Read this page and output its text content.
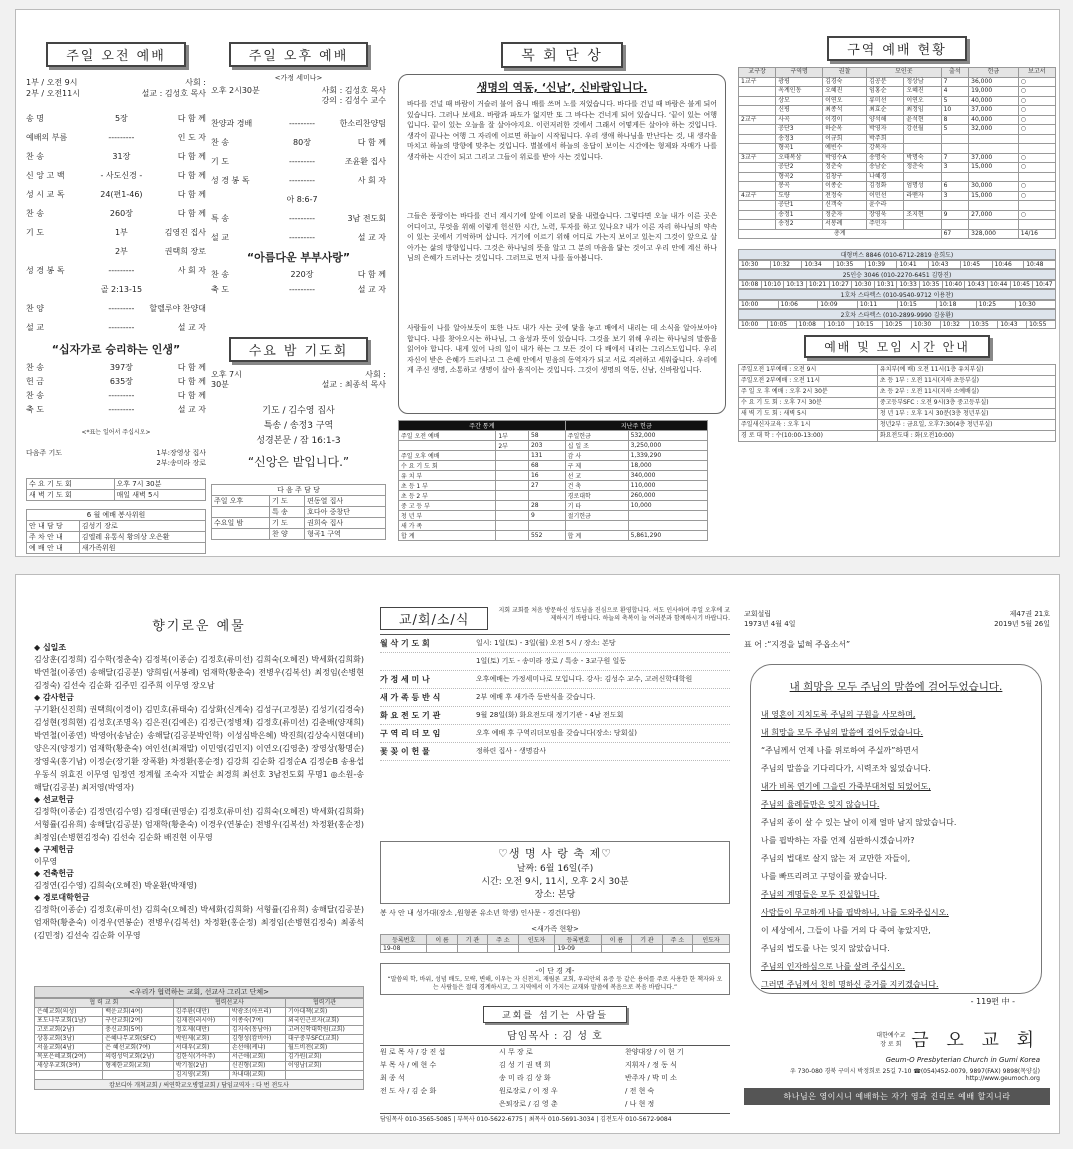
주일 오전 예배
1부 / 오전 9시	사회 :
2부 / 오전11시	설교 : 김성호 목사
송 명	5장	다 함 께
예배의 부름	---------	인 도 자
찬 송	31장	다 함 께
신 앙 고 백	- 사도신경 -	다 함 께
성 시 교 독	24(편1-46)	다 함 께
찬 송	260장	다 함 께
기 도	1부	김영진 집사
2부	권택희 장로
성 경 봉 독	---------	사 회 자
골 2:13-15
찬 양	---------	할렐루야 찬양대
설 교	---------	설 교 자
“십자가로 승리하는 인생”
찬 송	397장	다 함 께
헌 금	635장	다 함 께
찬 송	---------	다 함 께
축 도	---------	설 교 자
<*표는 일어서 주십시오>
다음주 기도	1부:장영상 집사
2부:송미라 장로
수 요 기 도 회	오후 7시 30분
새 벽 기 도 회	매일 새벽 5시
6 월 예배 봉사위원
안 내 담 당	김성기 장로
주 차 안 내	김엘레 유통식 황의상 오은환
예 배 안 내	새가족위원
주일 오후 예배
<가정 세미나>
오후 2시30분	사회 : 김성호 목사
강의 : 김성수 교수
찬양과 경배	---------	한소리찬양팀
찬 송	80장	다 함 께
기 도	---------	조윤환 집사
성 경 봉 독	---------	사 회 자
아 8:6-7
특 송	---------	3남 전도회
설 교	---------	설 교 자
“아름다운 부부사랑”
찬 송	220장	다 함 께
축 도	---------	설 교 자
수요 밤 기도회
오후 7시	사회 :
30분	설교 : 최종석 목사
기도 / 김수영 집사
특송 / 송정3 구역
성경본문 / 잠 16:1-3
“신앙은 밭입니다.”
다 음 주 담 당
주일 오후	기 도	편동열 집사
	특 송	호다아 중창단
수요일 밤	기 도	권희숙 집사
	찬 양	형곡1 구역
목 회 단 상
생명의 역동, ‘신남’, 신바람입니다.

바다를 건널 때 바람이 거슬러 불어 옵니 배를 쓰며 노를 저었습니다. 바다를 건널 때 바람은 불게 되어 있습니다. 그러나 보세요. 바람과 파도가 없지만 또 그 바다는 건너게 되어 있습니다. ‘끝이 있는 여행입니다. 끝이 있는 오늘을 잘 살아야지요. 이런저러한 것에서 그래서 어떻게든 살아야 하는 것입니다. 생각이 끝나는 여행 그 자리에 이르면 하늘이 시작됩니다. 우리 생애 하나님을 만난다는 것, 내 생각을 마치고 하늘의 방향에 맞추는 것입니다. 별볼에서 하늘의 응답이 보이는 시간에는 형제와 자매가 나를 생각하는 시간이 되고 그리고 그들이 위로를 받아 사는 것입니다.

그들은 풍랑이는 바다를 건너 계시기에 앞에 이르러 닻을 내렸습니다. 그렇다면 오늘 내가 이른 곳은 어디이고, 무엇을 위해 이렇게 헌신한 시간, 노력, 투자를 하고 있나요? 내가 이른 자리 하나님의 약속이 있는 곳에서 기억하며 삽니다. 거기에 이르기 위해 어디로 가는지 보이고 있는지 그것이 앞으로 살아가는 삶의 방향입니다. 그것은 하나님의 뜻을 알고 그 분의 마음을 닮는 것이고 우리 안에 계신 하나님의 은혜가 드러나는 것입니다. 그러므로 먼저 나를 돌아봅니다.

사람들이 나를 알아보듯이 또한 나도 내가 사는 곳에 닻을 놓고 배에서 내리는 데 소식을 알아보아야 합니다. 나를 찾아오시는 하나님, 그 음성과 뜻이 있습니다. 그것을 보기 위해 우리는 하나님의 말씀을 읽어야 합니다. 내게 있어 나의 일이 내가 하는 그 모든 것이 다 배에서 내리는 그리스도입니다. 우리 자신이 받은 은혜가 드러나고 그 은혜 안에서 믿음의 동역자가 되고 서로 격려하고 세워줍니다. 우리에게 주신 생명, 소통하고 생명이 살아 움직이는 것입니다. 그것이 생명의 역동, 신남, 신바람입니다.

주간 통계			지난주 헌금	
주일 오전 예배	1부	58	주일헌금	532,000
	2부	203	십 일 조	3,250,000
주일 오후 예배		131	감 사	1,339,290
수 요 기 도 회		68	구 제	18,000
유 치 부		16	선 교	340,000
초 등 1 부		27	건 축	110,000
초 등 2 부			경로대학	260,000
중 고 등 부		28	기 타	10,000
청 년 부		9	절기헌금	
새 가 족				
합 계		552	합 계	5,861,290
구역 예배 현황
교구장	구역명	권찰	모인곳		출석	헌금	보고서
1교구	광평	김경숙	김공분	정상남	7	36,000	○
	옥계인동	오혜진	임홍순	오혜진	4	19,000	○
	상모	이연오	류미선	이연오	5	40,000	○
	신평	최종석	최효순	최정임	10	37,000	○
2교구	사곡	이경이	양석해	윤석현	8	40,000	○
	공단3	하순옥	박영자	강선월	5	32,000	○
	송정3	이규희	박주희				
	형곡1	예빈수	강복자				
3교구	오태복삼	박영수A	송명숙	박명숙	7	37,000	○
	공단2	정춘숙	송남순	정춘숙	3	15,000	○
	형곡2	김창구	나혜경				
	봉곡	이종순	김정화	엄명성	6	30,000	○
4교구	도량	전정숙	이민선	라맨자	3	15,000	○
	공단1	신객숙	윤수라				
	송정1	정춘자	장영욱	조지현	9	27,000	○
	송정2	서봉례	주민자				
총계					67	328,000	14/16
대형버스 8846 (010-6712-2819 윤희도)
10:30	10:32	10:34	10:35	10:39	10:41	10:43	10:45	10:46	10:48
25인승 3046 (010-2270-6451 김항진)
10:08	10:10	10:13	10:21	10:27	10:30	10:31	10:33	10:35	10:40	10:43	10:44	10:45	10:47
1호차 스타렉스 (010-9540-9712 이용찬)
10:00	10:06	10:09	10:11	10:15	10:18	10:25	10:30
2호차 스타렉스 (010-2899-9990 김웅환)
10:00	10:05	10:08	10:10	10:15	10:25	10:30	10:32	10:35	10:43	10:55
예배 및 모임 시간 안내
주일오전 1부예배 : 오전 9시	유치부(예 배) 오전 11시(1층 유치부실)
주일오전 2부예배 : 오전 11시	초 등 1부 : 오전 11시(지하 초등부실)
주 일 오 후 예배 : 오후 2시 30분	초 등 2부 : 오전 11시(지하 소예배실)
수 요 기 도 회 : 오후 7시 30분	중고등부SFC : 오전 9시(3층 중고등부실)
새 벽 기 도 회 : 새벽 5시	청 년 1부 : 오후 1시 30분(3층 청년부실)
주일새신자교육 : 오후 1시	청년2부 : 금요일, 오후7:30(4층 청년부실)
경 로 대 학 : 수(10:00-13:00)	화요전도대 : 화(오전10:00)
향기로운 예물
◆ 십일조
김상훈(김정희) 김수학(정춘숙) 김정복(이종순) 김정호(류미선) 김희숙(오혜진) 박세화(김희화) 박연철(이종연) 송해달(김공분) 양희림(서봉례) 엄재학(황춘숙) 전병우(김복선) 최정임(손병현김정숙) 김선숙 김순화 김주민 김주희 이무영 장오남
◆ 감사헌금
구기환(신진희) 권택희(이경이) 김민호(류태숙) 김상화(신계숙) 김성구(고정분) 김성기(김경숙) 김성현(정희현) 김성호(조명옥) 김은진(김예은) 김정근(정병채) 김정호(류미선) 김춘배(양재희) 박연철(이종연) 박영아(송남순) 송해달(김공분박인학) 이성심박은혜) 박진희(김상숙시현대비) 양은지(양정기) 엄재학(황춘숙) 여인선(최재말) 이민영(김민지) 이연오(김영춘) 장영상(황명순) 장영욱(홍기남) 이정순(장기환 장폭환) 차정환(홍순정) 김강희 김순화 김정순A 김정순B 송용섭 우동식 위효진 이무영 임정연 정계월 조숙자 지말순 최경희 최선호 3남전도회 무명1 ◎소원-송해달(김공분) 최저영(박영자)
◆ 선교헌금
김정학(이종순) 김정연(김수영) 김정태(권영순) 김정호(류미선) 김희숙(오혜진) 박세화(김희화) 서형률(김유희) 송해달(김공분) 엄재학(황춘숙) 이경우(연봉순) 전병우(김복선) 차정환(홍순정) 최정임(손병현김정숙) 김선숙 김순화 배진현 이무영
◆ 구제헌금
이무영
◆ 건축헌금
김정연(김수영) 김희숙(오혜진) 박윤환(박재영)
◆ 경로대학헌금
김정학(이종순) 김정호(류미선) 김희숙(오혜진) 박세화(김희화) 서형률(김유희) 송해달(김공분) 엄재학(황춘숙) 이경우(연봉순) 전병우(김복선) 차정환(홍순정) 최정임(손병현김정숙) 최종석(김민정) 김선숙 김순화 이무영
<우리가 협력하는 교회, 선교사 그리고 단체>
협 력 교 회		협력선교사		협력기관
은혜교회(의성)	백운교회(4여)	김주환(대만)	박광조(아프리)	기아대책(교회)
포도나무교회(1남)	구산교회(2여)	김재진(러시아)	이종숙(7여)	외국인근로자(교회)
고로교회(2남)	충신교회(5여)	정호제(대만)	김지숙(동남아)	고려신학대학원(교회)
상흥교회(3남)	은혜나무교회(SFC)	박원제(교회)	김형성(캄비아)	대구중부SFC(교회)
서울교회(4남)	은 혜선교회(7여)	서대우(교회)	손선애(케냐)	월드비전(교회)
목포은혜교회(2여)	의령성덕교회(2남)	김한식(가아주)	서근애(교회)	김가원(교회)
새상우교회(3여)	형제한교회(교회)	박기철(2남)	신진형(교회)	이영남(교회)
		김지영(교회)	차내대(교회)	
캄보디아 개척교회 / 써연학교오병열교회 / 담임교역자 : 다 번 전도사
교/회/소/식
지회 교회를 처음 방문하신 성도님을 진심으로 환영합니다. 셔도 인사하며 주일 오후에 교제하시기 바랍니다. 하늘의 축복이 늘 여러분과 함께하시기 바랍니다.
월 삭 기 도 회	일시: 1일(토) - 3일(월) 오전 5시 / 장소: 본당
1일(토) 기도 - 송미라 장로 / 특송 - 3교구원 일동
가 정 세 미 나	오후예배는 가정세미나로 모입니다. 강사: 김성수 교수, 고려신학대학원
새 가 족 등 반 식	2부 예배 후 새가족 등반식을 갖습니다.
화 요 전 도 기 관	9월 28일(화) 화요전도대 정기기관 - 4남 전도회
구 역 리 더 모 임	오후 예배 후 구역리더모임을 갖습니다(장소: 당회실)
꽃 꽂 이 헌 물	정하린 집사 - 생명감사
♡생 명 사 랑 축 제♡
날짜: 6월 16일(주)
시간: 오전 9시, 11시, 오후 2시 30분
장소: 본당
봉 사 안 내 성가대(장소 ,원형준 유소년 학생) 인사문 - 경건(다원)
<새가족 현황>
등록번호	이 름	기 관	주 소	인도자	등록번호	이 름	기 관	주 소	인도자
19-08					19-09				
-이 단 경 계-
“말씀의 학, 바위, 성념 배도, 모략, 변해, 이우는 자 신천지, 재림론 교회, 우리안의 유증 등 같은 용어를 주로 사용한 한 책자와 오는 사람들은 절대 경계하시고, 그 지역에서 이 가지는 교재와 말씀에 복음으로 복음 바랍니다.”
교회를 섬기는 사람들
담임목사 : 김 성 호
원 로 목 사 / 강 진 섭	시 무 장 로	찬양대장 / 이 현 기
부 목 사 / 예 현 수	김 성 기 권 택 희	지휘자 / 정 동 식
최 종 석	송 미 라 김 상 화	반주자 / 박 미 소
전 도 사 / 김 순 화	원로장로 / 이 정 우	/ 전 현 숙
은퇴장로 / 김 영 춘	/ 나 현 정
담임목사 010-3565-5085 | 부목사 010-5622-6775 | 최목사 010-5691-3034 | 김전도사 010-5672-9084
교회설립
1973년 4월 4일
제47권 21호
2019년 5월 26일
표 어 :“지경을 넓혀 주옵소서”
내 희망을 모두 주님의 말씀에 걸어두었습니다.
내 영혼이 지치도록 주님의 구원을 사모하며,
내 희망을 모두 주님의 말씀에 걸어두었습니다.
“주님께서 언제 나를 위로하여 주실까”하면서
주님의 말씀을 기다리다가, 시력조차 잃었습니다.
내가 비록 연기에 그을린 가죽부대처럼 되었어도,
주님의 율례들만은 잊지 않습니다.
주님의 종이 살 수 있는 날이 이제 얼마 남지 않았습니다.
나를 핍박하는 자를 언제 심판하시겠습니까?
주님의 법대로 살지 않는 저 교만한 자들이,
나를 빠뜨리려고 구덩이를 팠습니다.
주님의 계명들은 모두 진실합니다.
사람들이 무고하게 나를 핍박하니, 나를 도와주십시오.
이 세상에서, 그들이 나를 거의 다 죽여 놓았지만,
주님의 법도를 나는 잊지 않았습니다.
주님의 인자하심으로 나를 살려 주십시오.
그러면 주님께서 친히 명하신 증거를 지키겠습니다.
- 119편 中 -
대한예수교
장 로 회 금 오 교 회
Geum-O Presbyterian Church in Gumi Korea
우 730-080 경북 구미시 박정희로 25길 7-10 ☎(054)452-0079, 9897(FAX) 9898(목양실)
http://www.geumoch.org
하나님은 영이시니 예배하는 자가 영과 진리로 예배 할지니라
